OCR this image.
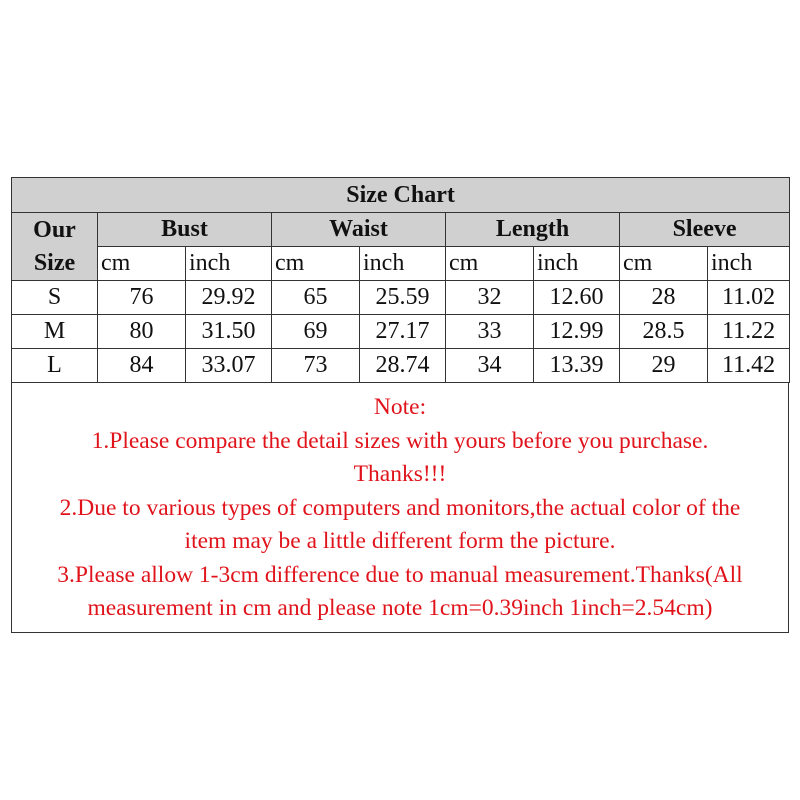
Size Chart								
Our
Size	Bust		Waist		Length		Sleeve	
	cm	inch	cm	inch	cm	inch	cm	inch
S	76	29.92	65	25.59	32	12.60	28	11.02
M	80	31.50	69	27.17	33	12.99	28.5	11.22
L	84	33.07	73	28.74	34	13.39	29	11.42
Note:
1.Please compare the detail sizes with yours before you purchase.
Thanks!!!
2.Due to various types of computers and monitors,the actual color of the
item may be a little different form the picture.
3.Please allow 1-3cm difference due to manual measurement.Thanks(All
measurement in cm and please note 1cm=0.39inch 1inch=2.54cm)
